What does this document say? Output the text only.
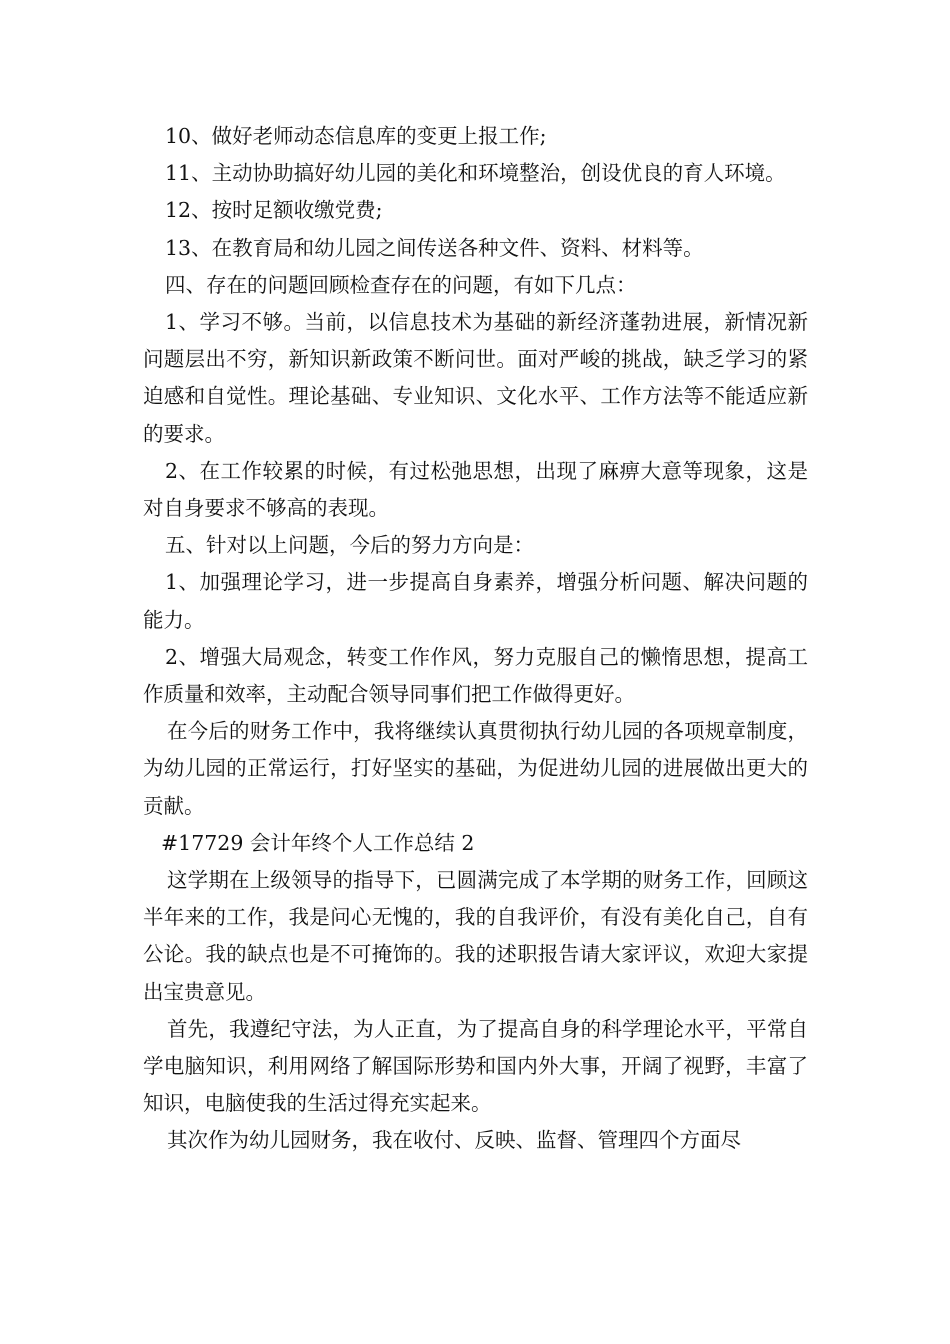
10、做好老师动态信息库的变更上报工作;

11、主动协助搞好幼儿园的美化和环境整治，创设优良的育人环境。

12、按时足额收缴党费;

13、在教育局和幼儿园之间传送各种文件、资料、材料等。

四、存在的问题回顾检查存在的问题，有如下几点：

1、学习不够。当前，以信息技术为基础的新经济蓬勃进展，新情况新问题层出不穷，新知识新政策不断问世。面对严峻的挑战，缺乏学习的紧迫感和自觉性。理论基础、专业知识、文化水平、工作方法等不能适应新的要求。

2、在工作较累的时候，有过松弛思想，出现了麻痹大意等现象，这是对自身要求不够高的表现。

五、针对以上问题，今后的努力方向是：

1、加强理论学习，进一步提高自身素养，增强分析问题、解决问题的能力。

2、增强大局观念，转变工作作风，努力克服自己的懒惰思想，提高工作质量和效率，主动配合领导同事们把工作做得更好。

在今后的财务工作中，我将继续认真贯彻执行幼儿园的各项规章制度，为幼儿园的正常运行，打好坚实的基础，为促进幼儿园的进展做出更大的贡献。

#17729 会计年终个人工作总结 2

这学期在上级领导的指导下，已圆满完成了本学期的财务工作，回顾这半年来的工作，我是问心无愧的，我的自我评价，有没有美化自己，自有公论。我的缺点也是不可掩饰的。我的述职报告请大家评议，欢迎大家提出宝贵意见。

首先，我遵纪守法，为人正直，为了提高自身的科学理论水平，平常自学电脑知识，利用网络了解国际形势和国内外大事，开阔了视野，丰富了知识，电脑使我的生活过得充实起来。

其次作为幼儿园财务，我在收付、反映、监督、管理四个方面尽
